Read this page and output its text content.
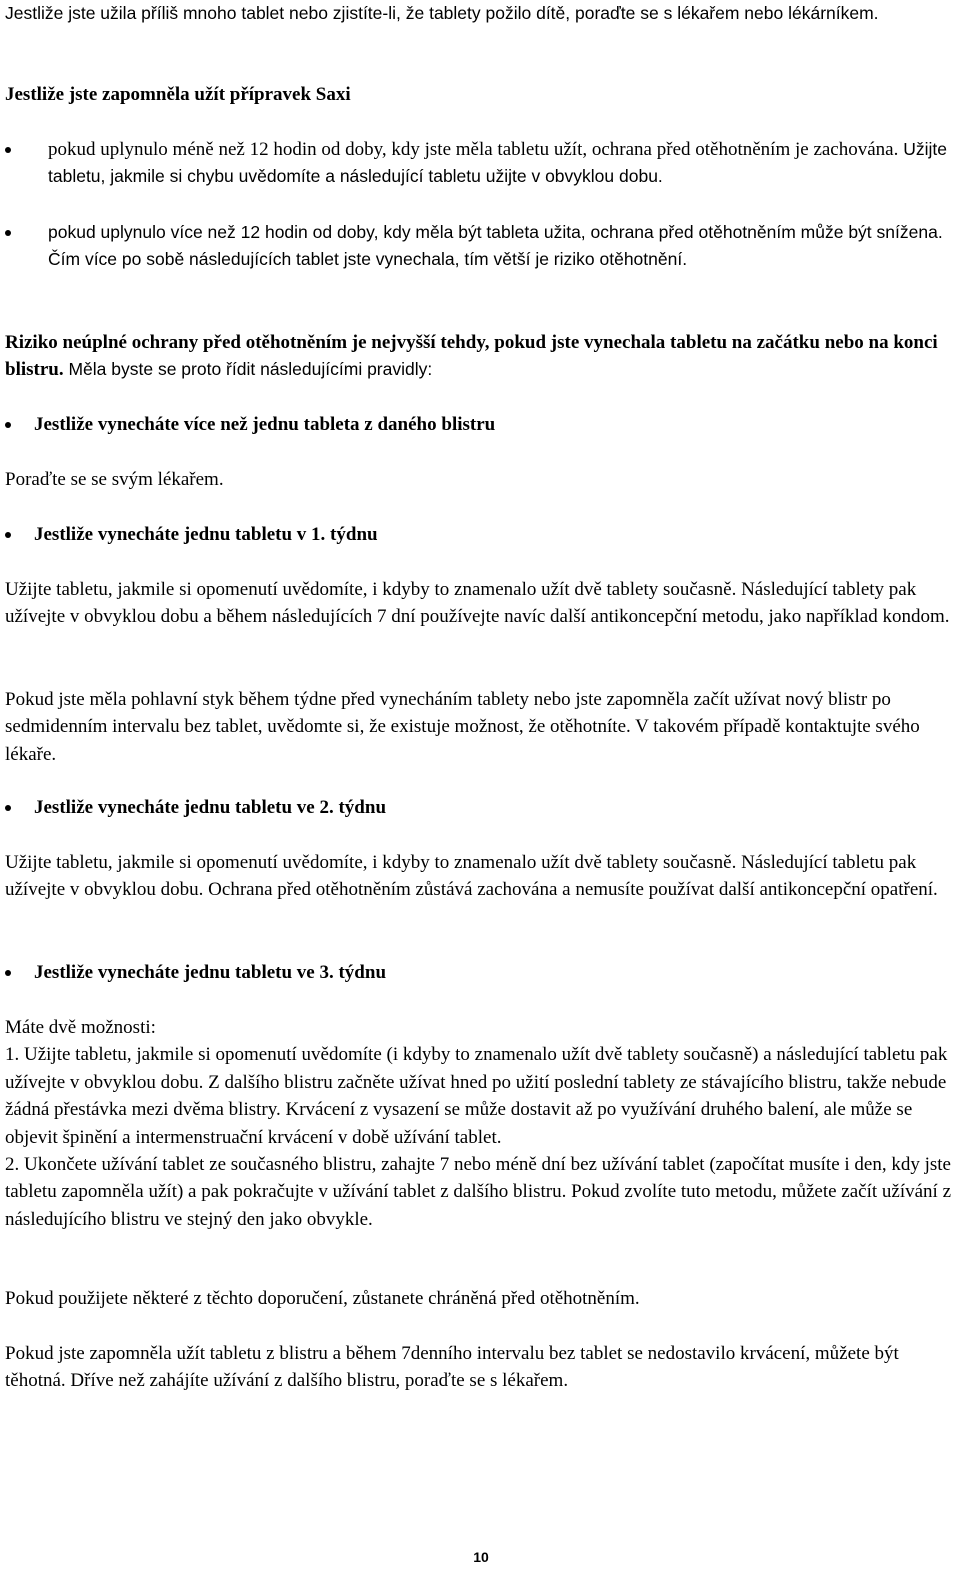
Jestliže jste užila příliš mnoho tablet nebo zjistíte-li, že tablety požilo dítě, poraďte se s lékařem nebo lékárníkem.

Jestliže jste zapomněla užít přípravek Saxi

pokud uplynulo méně než 12 hodin od doby, kdy jste měla tabletu užít, ochrana před otěhotněním je zachována. Užijte tabletu, jakmile si chybu uvědomíte a následující tabletu užijte v obvyklou dobu.

pokud uplynulo více než 12 hodin od doby, kdy měla být tableta užita, ochrana před otěhotněním může být snížena. Čím více po sobě následujících tablet jste vynechala, tím větší je riziko otěhotnění.

Riziko neúplné ochrany před otěhotněním je nejvyšší tehdy, pokud jste vynechala tabletu na začátku nebo na konci blistru. Měla byste se proto řídit následujícími pravidly:

Jestliže vynecháte více než jednu tableta z daného blistru

Poraďte se se svým lékařem.

Jestliže vynecháte jednu tabletu v 1. týdnu

Užijte tabletu, jakmile si opomenutí uvědomíte, i kdyby to znamenalo užít dvě tablety současně. Následující tablety pak užívejte v obvyklou dobu a během následujících 7 dní používejte navíc další antikoncepční metodu, jako například kondom.

Pokud jste měla pohlavní styk během týdne před vynecháním tablety nebo jste zapomněla začít užívat nový blistr po sedmidenním intervalu bez tablet, uvědomte si, že existuje možnost, že otěhotníte. V takovém případě kontaktujte svého lékaře.

Jestliže vynecháte jednu tabletu ve 2. týdnu

Užijte tabletu, jakmile si opomenutí uvědomíte, i kdyby to znamenalo užít dvě tablety současně. Následující tabletu pak užívejte v obvyklou dobu. Ochrana před otěhotněním zůstává zachována a nemusíte používat další antikoncepční opatření.

Jestliže vynecháte jednu tabletu ve 3. týdnu

Máte dvě možnosti:

1. Užijte tabletu, jakmile si opomenutí uvědomíte (i kdyby to znamenalo užít dvě tablety současně) a následující tabletu pak užívejte v obvyklou dobu. Z dalšího blistru začněte užívat hned po užití poslední tablety ze stávajícího blistru, takže nebude žádná přestávka mezi dvěma blistry. Krvácení z vysazení se může dostavit až po využívání druhého balení, ale může se objevit špinění a intermenstruační krvácení v době užívání tablet.

2. Ukončete užívání tablet ze současného blistru, zahajte 7 nebo méně dní bez užívání tablet (započítat musíte i den, kdy jste tabletu zapomněla užít) a pak pokračujte v užívání tablet z dalšího blistru. Pokud zvolíte tuto metodu, můžete začít užívání z následujícího blistru ve stejný den jako obvykle.

Pokud použijete některé z těchto doporučení, zůstanete chráněná před otěhotněním.

Pokud jste zapomněla užít tabletu z blistru a během 7denního intervalu bez tablet se nedostavilo krvácení, můžete být těhotná. Dříve než zahájíte užívání z dalšího blistru, poraďte se s lékařem.

10
